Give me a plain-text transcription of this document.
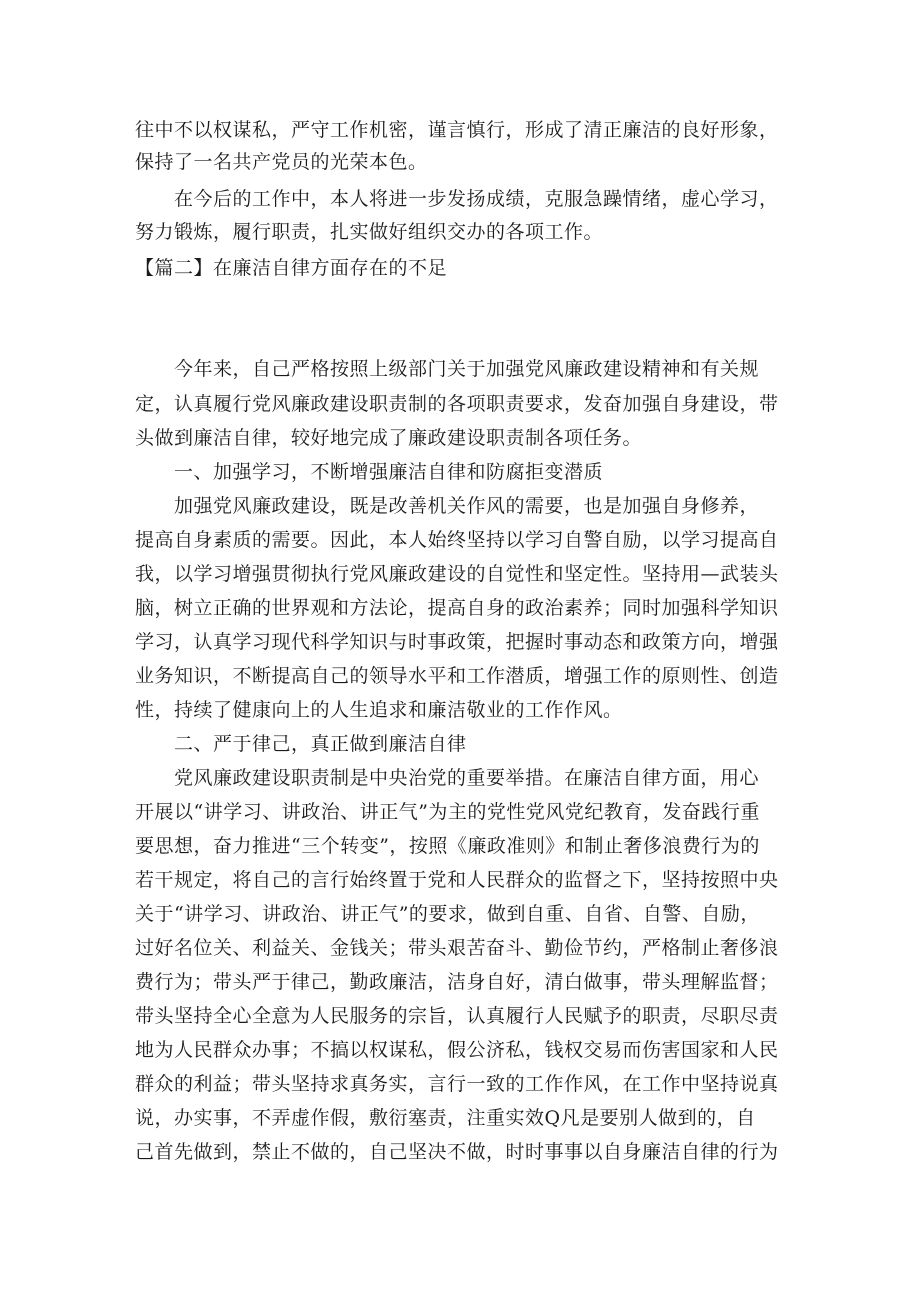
往中不以权谋私，严守工作机密，谨言慎行，形成了清正廉洁的良好形象，
保持了一名共产党员的光荣本色。
在今后的工作中，本人将进一步发扬成绩，克服急躁情绪，虚心学习，
努力锻炼，履行职责，扎实做好组织交办的各项工作。
【篇二】在廉洁自律方面存在的不足
今年来，自己严格按照上级部门关于加强党风廉政建设精神和有关规
定，认真履行党风廉政建设职责制的各项职责要求，发奋加强自身建设，带
头做到廉洁自律，较好地完成了廉政建设职责制各项任务。
一、加强学习，不断增强廉洁自律和防腐拒变潜质
加强党风廉政建设，既是改善机关作风的需要，也是加强自身修养，
提高自身素质的需要。因此，本人始终坚持以学习自警自励，以学习提高自
我，以学习增强贯彻执行党风廉政建设的自觉性和坚定性。坚持用—武装头
脑，树立正确的世界观和方法论，提高自身的政治素养；同时加强科学知识
学习，认真学习现代科学知识与时事政策，把握时事动态和政策方向，增强
业务知识，不断提高自己的领导水平和工作潜质，增强工作的原则性、创造
性，持续了健康向上的人生追求和廉洁敬业的工作作风。
二、严于律己，真正做到廉洁自律
党风廉政建设职责制是中央治党的重要举措。在廉洁自律方面，用心
开展以“讲学习、讲政治、讲正气”为主的党性党风党纪教育，发奋践行重
要思想，奋力推进“三个转变”，按照《廉政准则》和制止奢侈浪费行为的
若干规定，将自己的言行始终置于党和人民群众的监督之下，坚持按照中央
关于“讲学习、讲政治、讲正气”的要求，做到自重、自省、自警、自励，
过好名位关、利益关、金钱关；带头艰苦奋斗、勤俭节约，严格制止奢侈浪
费行为；带头严于律己，勤政廉洁，洁身自好，清白做事，带头理解监督；
带头坚持全心全意为人民服务的宗旨，认真履行人民赋予的职责，尽职尽责
地为人民群众办事；不搞以权谋私，假公济私，钱权交易而伤害国家和人民
群众的利益；带头坚持求真务实，言行一致的工作作风，在工作中坚持说真
说，办实事，不弄虚作假，敷衍塞责，注重实效Q凡是要别人做到的，自
己首先做到，禁止不做的，自己坚决不做，时时事事以自身廉洁自律的行为
